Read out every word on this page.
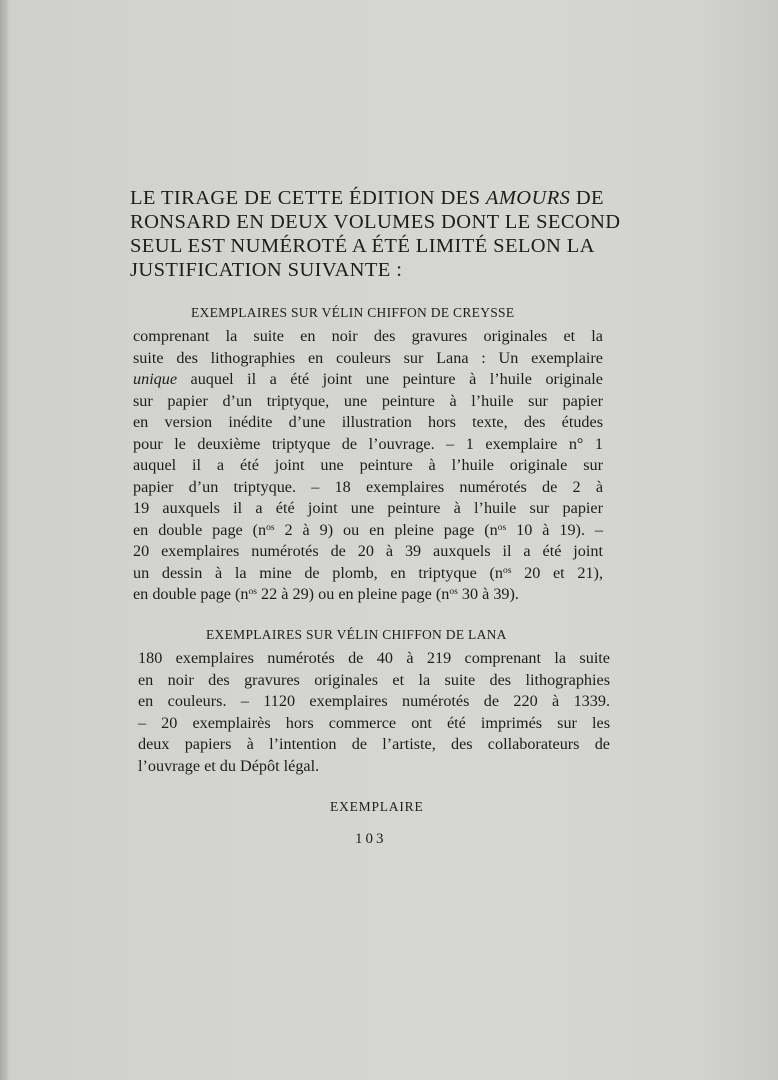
LE TIRAGE DE CETTE ÉDITION DES AMOURS DE
RONSARD EN DEUX VOLUMES DONT LE SECOND
SEUL EST NUMÉROTÉ A ÉTÉ LIMITÉ SELON LA
JUSTIFICATION SUIVANTE :
EXEMPLAIRES SUR VÉLIN CHIFFON DE CREYSSE
comprenant la suite en noir des gravures originales et la
suite des lithographies en couleurs sur Lana : Un exemplaire
unique auquel il a été joint une peinture à l’huile originale
sur papier d’un triptyque, une peinture à l’huile sur papier
en version inédite d’une illustration hors texte, des études
pour le deuxième triptyque de l’ouvrage. – 1 exemplaire n° 1
auquel il a été joint une peinture à l’huile originale sur
papier d’un triptyque. – 18 exemplaires numérotés de 2 à
19 auxquels il a été joint une peinture à l’huile sur papier
en double page ($n^{os}$ 2 à 9) ou en pleine page ($n^{os}$ 10 à 19). –
20 exemplaires numérotés de 20 à 39 auxquels il a été joint
un dessin à la mine de plomb, en triptyque ($n^{os}$ 20 et 21),
en double page ($n^{os}$ 22 à 29) ou en pleine page ($n^{os}$ 30 à 39).
EXEMPLAIRES SUR VÉLIN CHIFFON DE LANA
180 exemplaires numérotés de 40 à 219 comprenant la suite
en noir des gravures originales et la suite des lithographies
en couleurs. – 1120 exemplaires numérotés de 220 à 1339.
– 20 exemplairès hors commerce ont été imprimés sur les
deux papiers à l’intention de l’artiste, des collaborateurs de
l’ouvrage et du Dépôt légal.
EXEMPLAIRE
103
